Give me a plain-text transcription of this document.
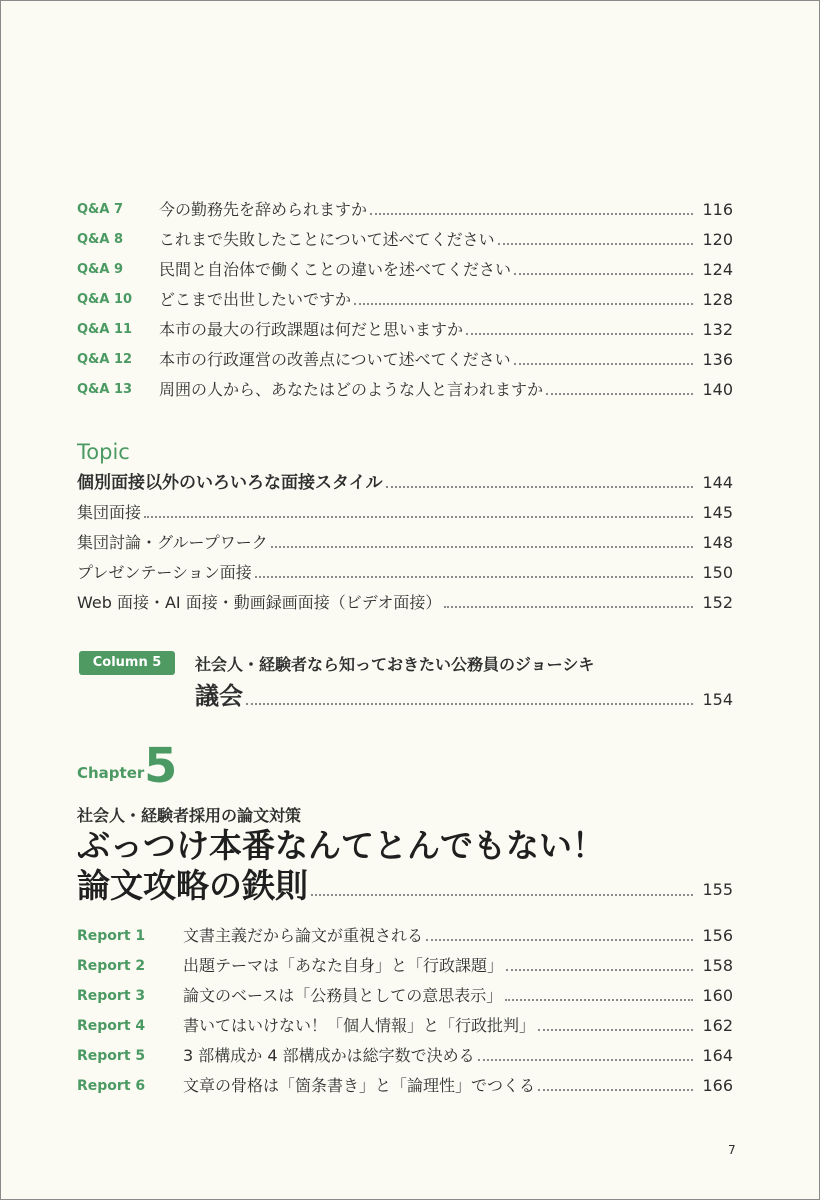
Q&A 7	今の勤務先を辞められますか	116
Q&A 8	これまで失敗したことについて述べてください	120
Q&A 9	民間と自治体で働くことの違いを述べてください	124
Q&A 10	どこまで出世したいですか	128
Q&A 11	本市の最大の行政課題は何だと思いますか	132
Q&A 12	本市の行政運営の改善点について述べてください	136
Q&A 13	周囲の人から、あなたはどのような人と言われますか	140
Topic
個別面接以外のいろいろな面接スタイル	144
集団面接	145
集団討論・グループワーク	148
プレゼンテーション面接	150
Web 面接・AI 面接・動画録画面接（ビデオ面接）	152
Column 5	社会人・経験者なら知っておきたい公務員のジョーシキ
議会	154
Chapter 5
社会人・経験者採用の論文対策
ぶっつけ本番なんてとんでもない！
論文攻略の鉄則	155
Report 1	文書主義だから論文が重視される	156
Report 2	出題テーマは「あなた自身」と「行政課題」	158
Report 3	論文のベースは「公務員としての意思表示」	160
Report 4	書いてはいけない！「個人情報」と「行政批判」	162
Report 5	3 部構成か 4 部構成かは総字数で決める	164
Report 6	文章の骨格は「箇条書き」と「論理性」でつくる	166
7
